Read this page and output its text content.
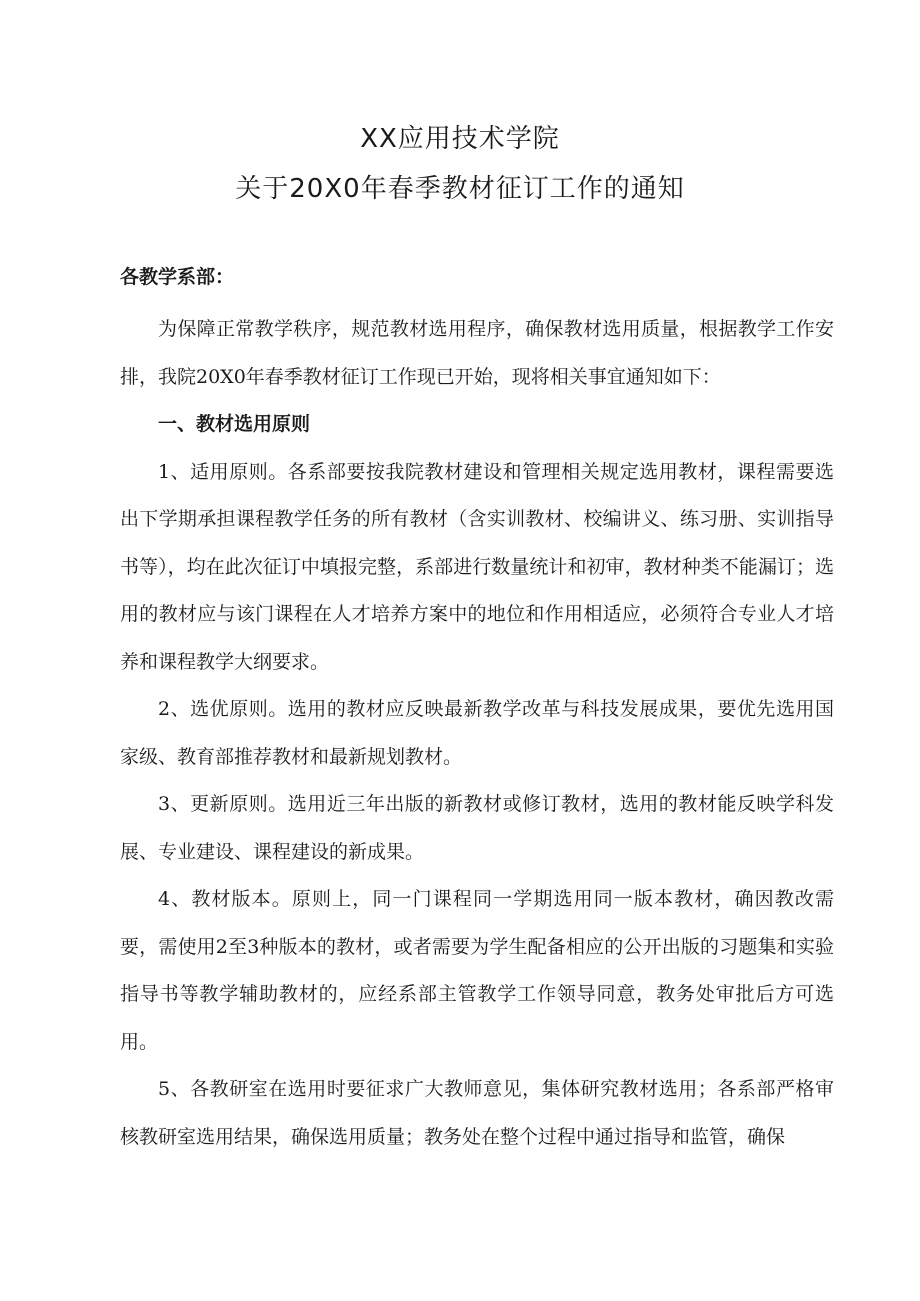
XX应用技术学院
关于20X0年春季教材征订工作的通知
各教学系部：

为保障正常教学秩序，规范教材选用程序，确保教材选用质量，根据教学工作安排，我院20X0年春季教材征订工作现已开始，现将相关事宜通知如下：

一、教材选用原则

1、适用原则。各系部要按我院教材建设和管理相关规定选用教材，课程需要选出下学期承担课程教学任务的所有教材（含实训教材、校编讲义、练习册、实训指导书等），均在此次征订中填报完整，系部进行数量统计和初审，教材种类不能漏订；选用的教材应与该门课程在人才培养方案中的地位和作用相适应，必须符合专业人才培养和课程教学大纲要求。

2、选优原则。选用的教材应反映最新教学改革与科技发展成果，要优先选用国家级、教育部推荐教材和最新规划教材。

3、更新原则。选用近三年出版的新教材或修订教材，选用的教材能反映学科发展、专业建设、课程建设的新成果。

4、教材版本。原则上，同一门课程同一学期选用同一版本教材，确因教改需要，需使用2至3种版本的教材，或者需要为学生配备相应的公开出版的习题集和实验指导书等教学辅助教材的，应经系部主管教学工作领导同意，教务处审批后方可选用。

5、各教研室在选用时要征求广大教师意见，集体研究教材选用；各系部严格审核教研室选用结果，确保选用质量；教务处在整个过程中通过指导和监管，确保
